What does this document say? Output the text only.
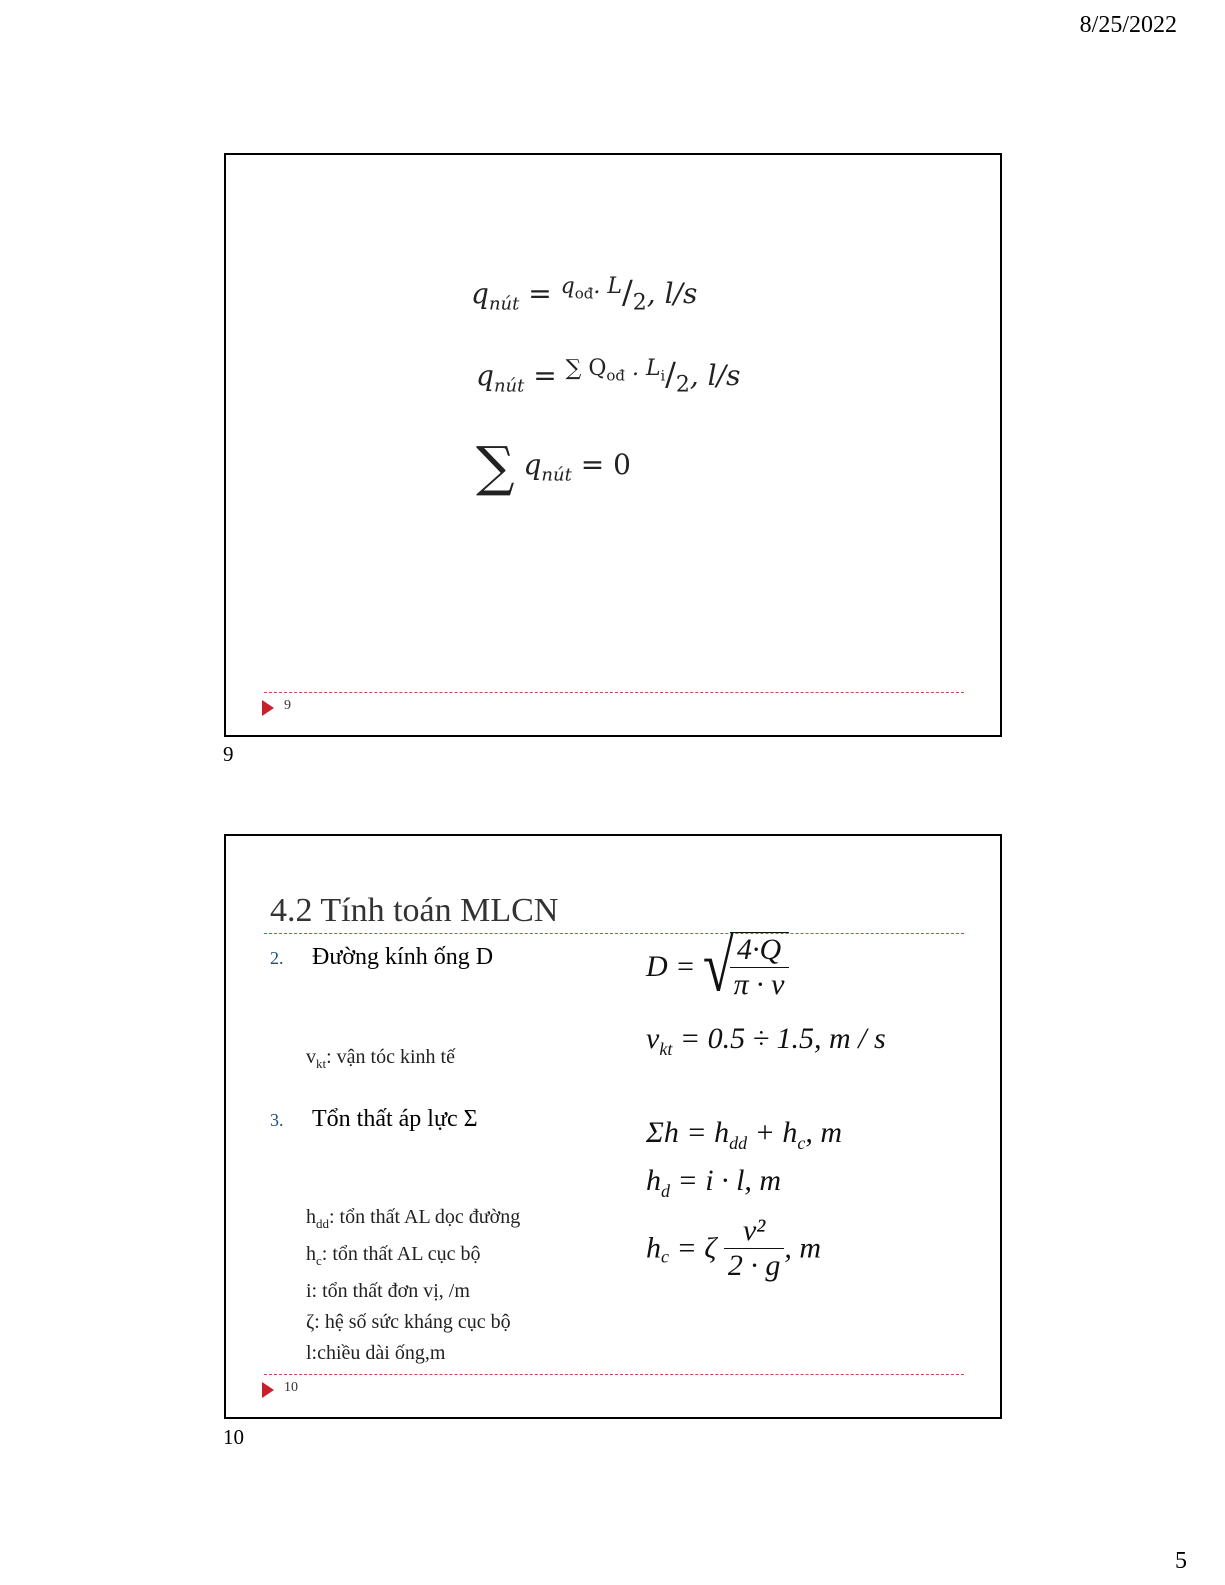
8/25/2022
$q_{nút} = ^{q_{ođ}. L}/_2$, l/s
$q_{nút} = ^{\sum Q_{ođ} . L_i}/_2$, l/s
∑ $q_{nút} = 0$
9
9
4.2 Tính toán MLCN
2. Đường kính ống D
$v_{kt}$: vận tóc kinh tế
3. Tổn thất áp lực Σ
$h_{dd}$: tổn thất AL dọc đường
$h_c$: tổn thất AL cục bộ
i: tổn thất đơn vị, /m
ζ: hệ số sức kháng cục bộ
l:chiều dài ống,m
D = √
$\frac{4\cdot Q}{\pi \cdot v}$
$v_{kt} = 0.5 \div 1.5$, m / s
$\Sigma h = h_{dd} + h_c$, m
$h_d = i \cdot l$, m
$h_c = \zeta \frac{\text{v²}}{2 \cdot g}$ , m
10
10
5
